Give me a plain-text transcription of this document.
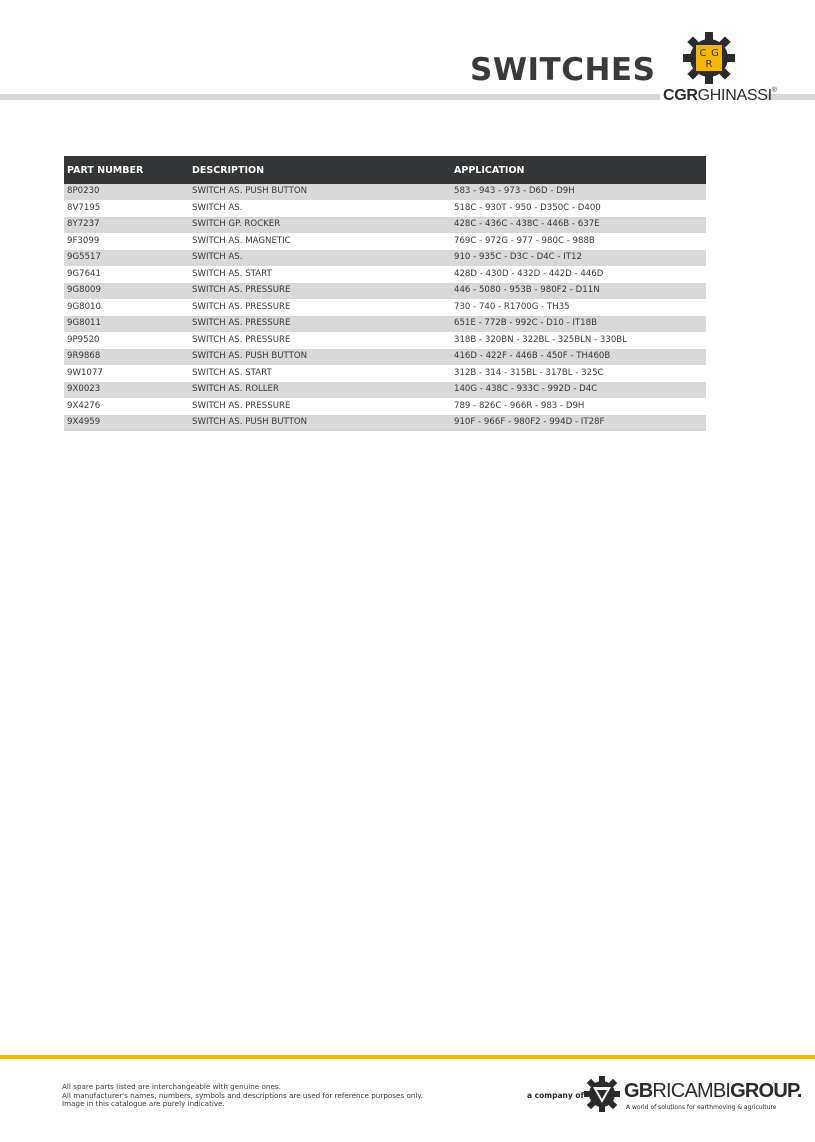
SWITCHES	C G
R
CGRGHINASSI®
PART NUMBER	DESCRIPTION	APPLICATION
8P0230	SWITCH AS. PUSH BUTTON	583 - 943 - 973 - D6D - D9H
8V7195	SWITCH AS.	518C - 930T - 950 - D350C - D400
8Y7237	SWITCH GP. ROCKER	428C - 436C - 438C - 446B - 637E
9F3099	SWITCH AS. MAGNETIC	769C - 972G - 977 - 980C - 988B
9G5517	SWITCH AS.	910 - 935C - D3C - D4C - IT12
9G7641	SWITCH AS. START	428D - 430D - 432D - 442D - 446D
9G8009	SWITCH AS. PRESSURE	446 - 5080 - 953B - 980F2 - D11N
9G8010	SWITCH AS. PRESSURE	730 - 740 - R1700G - TH35
9G8011	SWITCH AS. PRESSURE	651E - 772B - 992C - D10 - IT18B
9P9520	SWITCH AS. PRESSURE	318B - 320BN - 322BL - 325BLN - 330BL
9R9868	SWITCH AS. PUSH BUTTON	416D - 422F - 446B - 450F - TH460B
9W1077	SWITCH AS. START	312B - 314 - 315BL - 317BL - 325C
9X0023	SWITCH AS. ROLLER	140G - 438C - 933C - 992D - D4C
9X4276	SWITCH AS. PRESSURE	789 - 826C - 966R - 983 - D9H
9X4959	SWITCH AS. PUSH BUTTON	910F - 966F - 980F2 - 994D - IT28F
All spare parts listed are interchangeable with genuine ones.
All manufacturer's names, numbers, symbols and descriptions are used for reference purposes only.
Image in this catalogue are purely indicative.
a company of GBRICAMBIGROUP.
A world of solutions for earthmoving & agriculture
